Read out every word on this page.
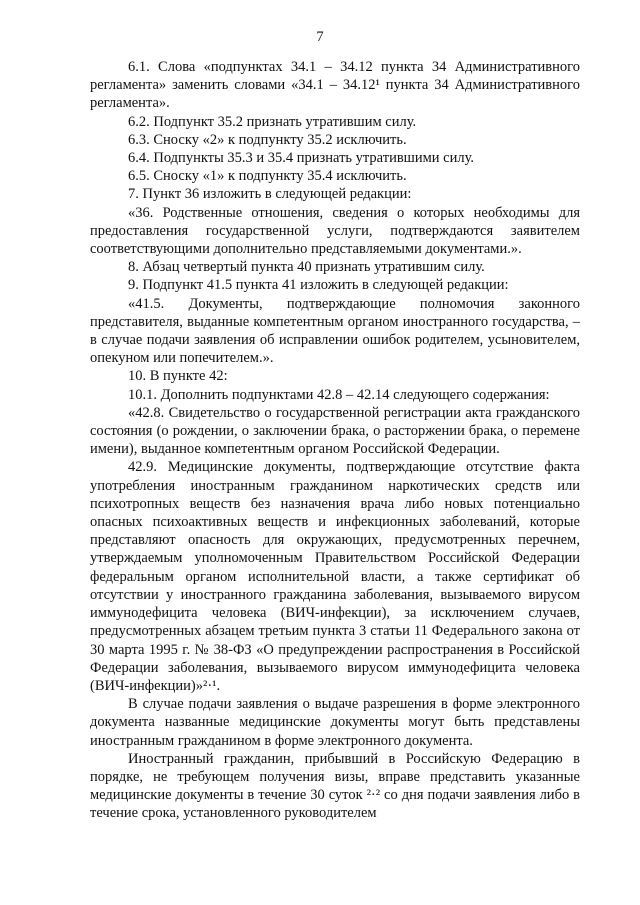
7

6.1. Слова «подпунктах 34.1 – 34.12 пункта 34 Административного регламента» заменить словами «34.1 – 34.12¹ пункта 34 Административного регламента».

6.2. Подпункт 35.2 признать утратившим силу.

6.3. Сноску «2» к подпункту 35.2 исключить.

6.4. Подпункты 35.3 и 35.4 признать утратившими силу.

6.5. Сноску «1» к подпункту 35.4 исключить.

7. Пункт 36 изложить в следующей редакции:

«36. Родственные отношения, сведения о которых необходимы для предоставления государственной услуги, подтверждаются заявителем соответствующими дополнительно представляемыми документами.».

8. Абзац четвертый пункта 40 признать утратившим силу.

9. Подпункт 41.5 пункта 41 изложить в следующей редакции:

«41.5. Документы, подтверждающие полномочия законного представителя, выданные компетентным органом иностранного государства, – в случае подачи заявления об исправлении ошибок родителем, усыновителем, опекуном или попечителем.».

10. В пункте 42:

10.1. Дополнить подпунктами 42.8 – 42.14 следующего содержания:

«42.8. Свидетельство о государственной регистрации акта гражданского состояния (о рождении, о заключении брака, о расторжении брака, о перемене имени), выданное компетентным органом Российской Федерации.

42.9. Медицинские документы, подтверждающие отсутствие факта употребления иностранным гражданином наркотических средств или психотропных веществ без назначения врача либо новых потенциально опасных психоактивных веществ и инфекционных заболеваний, которые представляют опасность для окружающих, предусмотренных перечнем, утверждаемым уполномоченным Правительством Российской Федерации федеральным органом исполнительной власти, а также сертификат об отсутствии у иностранного гражданина заболевания, вызываемого вирусом иммунодефицита человека (ВИЧ-инфекции), за исключением случаев, предусмотренных абзацем третьим пункта 3 статьи 11 Федерального закона от 30 марта 1995 г. № 38-ФЗ «О предупреждении распространения в Российской Федерации заболевания, вызываемого вирусом иммунодефицита человека (ВИЧ-инфекции)»²·¹.

В случае подачи заявления о выдаче разрешения в форме электронного документа названные медицинские документы могут быть представлены иностранным гражданином в форме электронного документа.

Иностранный гражданин, прибывший в Российскую Федерацию в порядке, не требующем получения визы, вправе представить указанные медицинские документы в течение 30 суток ²·² со дня подачи заявления либо в течение срока, установленного руководителем
